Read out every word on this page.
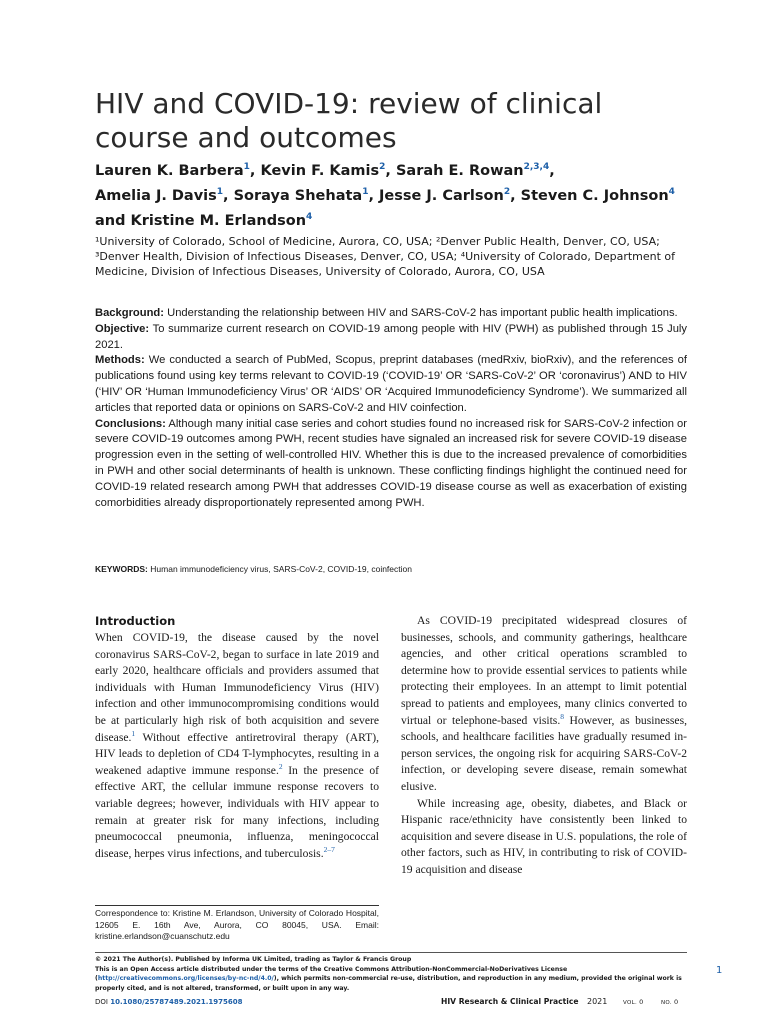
HIV and COVID-19: review of clinical course and outcomes
Lauren K. Barbera$^1$, Kevin F. Kamis$^2$, Sarah E. Rowan$^{2,3,4}$,
Amelia J. Davis$^1$, Soraya Shehata$^1$, Jesse J. Carlson$^2$, Steven C. Johnson$^4$
and Kristine M. Erlandson$^4$
¹University of Colorado, School of Medicine, Aurora, CO, USA; ²Denver Public Health, Denver, CO, USA;
³Denver Health, Division of Infectious Diseases, Denver, CO, USA; ⁴University of Colorado, Department of
Medicine, Division of Infectious Diseases, University of Colorado, Aurora, CO, USA

Background: Understanding the relationship between HIV and SARS-CoV-2 has important public health implications.

Objective: To summarize current research on COVID-19 among people with HIV (PWH) as published through 15 July 2021.

Methods: We conducted a search of PubMed, Scopus, preprint databases (medRxiv, bioRxiv), and the references of publications found using key terms relevant to COVID-19 (‘COVID-19’ OR ‘SARS-CoV-2’ OR ‘coronavirus’) AND to HIV (‘HIV’ OR ‘Human Immunodeficiency Virus’ OR ‘AIDS’ OR ‘Acquired Immunodeficiency Syndrome’). We summarized all articles that reported data or opinions on SARS-CoV-2 and HIV coinfection.

Conclusions: Although many initial case series and cohort studies found no increased risk for SARS-CoV-2 infection or severe COVID-19 outcomes among PWH, recent studies have signaled an increased risk for severe COVID-19 disease progression even in the setting of well-controlled HIV. Whether this is due to the increased prevalence of comorbidities in PWH and other social determinants of health is unknown. These conflicting findings highlight the continued need for COVID-19 related research among PWH that addresses COVID-19 disease course as well as exacerbation of existing comorbidities already disproportionately represented among PWH.

KEYWORDS: Human immunodeficiency virus, SARS-CoV-2, COVID-19, coinfection
Introduction

When COVID-19, the disease caused by the novel coronavirus SARS-CoV-2, began to surface in late 2019 and early 2020, healthcare officials and providers assumed that individuals with Human Immunodeficiency Virus (HIV) infection and other immunocompromising conditions would be at particularly high risk of both acquisition and severe disease.$^1$ Without effective antiretroviral therapy (ART), HIV leads to depletion of CD4 T-lymphocytes, resulting in a weakened adaptive immune response.$^2$ In the presence of effective ART, the cellular immune response recovers to variable degrees; however, individuals with HIV appear to remain at greater risk for many infections, including pneumococcal pneumonia, influenza, meningococcal disease, herpes virus infections, and tuberculosis.$^{2-7}$

As COVID-19 precipitated widespread closures of businesses, schools, and community gatherings, healthcare agencies, and other critical operations scrambled to determine how to provide essential services to patients while protecting their employees. In an attempt to limit potential spread to patients and employees, many clinics converted to virtual or telephone-based visits.$^8$ However, as businesses, schools, and healthcare facilities have gradually resumed in-person services, the ongoing risk for acquiring SARS-CoV-2 infection, or developing severe disease, remain somewhat elusive.

While increasing age, obesity, diabetes, and Black or Hispanic race/ethnicity have consistently been linked to acquisition and severe disease in U.S. populations, the role of other factors, such as HIV, in contributing to risk of COVID-19 acquisition and disease

Correspondence to: Kristine M. Erlandson, University of Colorado Hospital, 12605 E. 16th Ave, Aurora, CO 80045, USA. Email: kristine.erlandson@cuanschutz.edu
© 2021 The Author(s). Published by Informa UK Limited, trading as Taylor & Francis Group
This is an Open Access article distributed under the terms of the Creative Commons Attribution-NonCommercial-NoDerivatives License (http://creativecommons.org/licenses/by-nc-nd/4.0/), which permits non-commercial re-use, distribution, and reproduction in any medium, provided the original work is properly cited, and is not altered, transformed, or built upon in any way.
1
DOI 10.1080/25787489.2021.1975608	HIV Research & Clinical Practice 2021	VOL. 0	NO. 0
